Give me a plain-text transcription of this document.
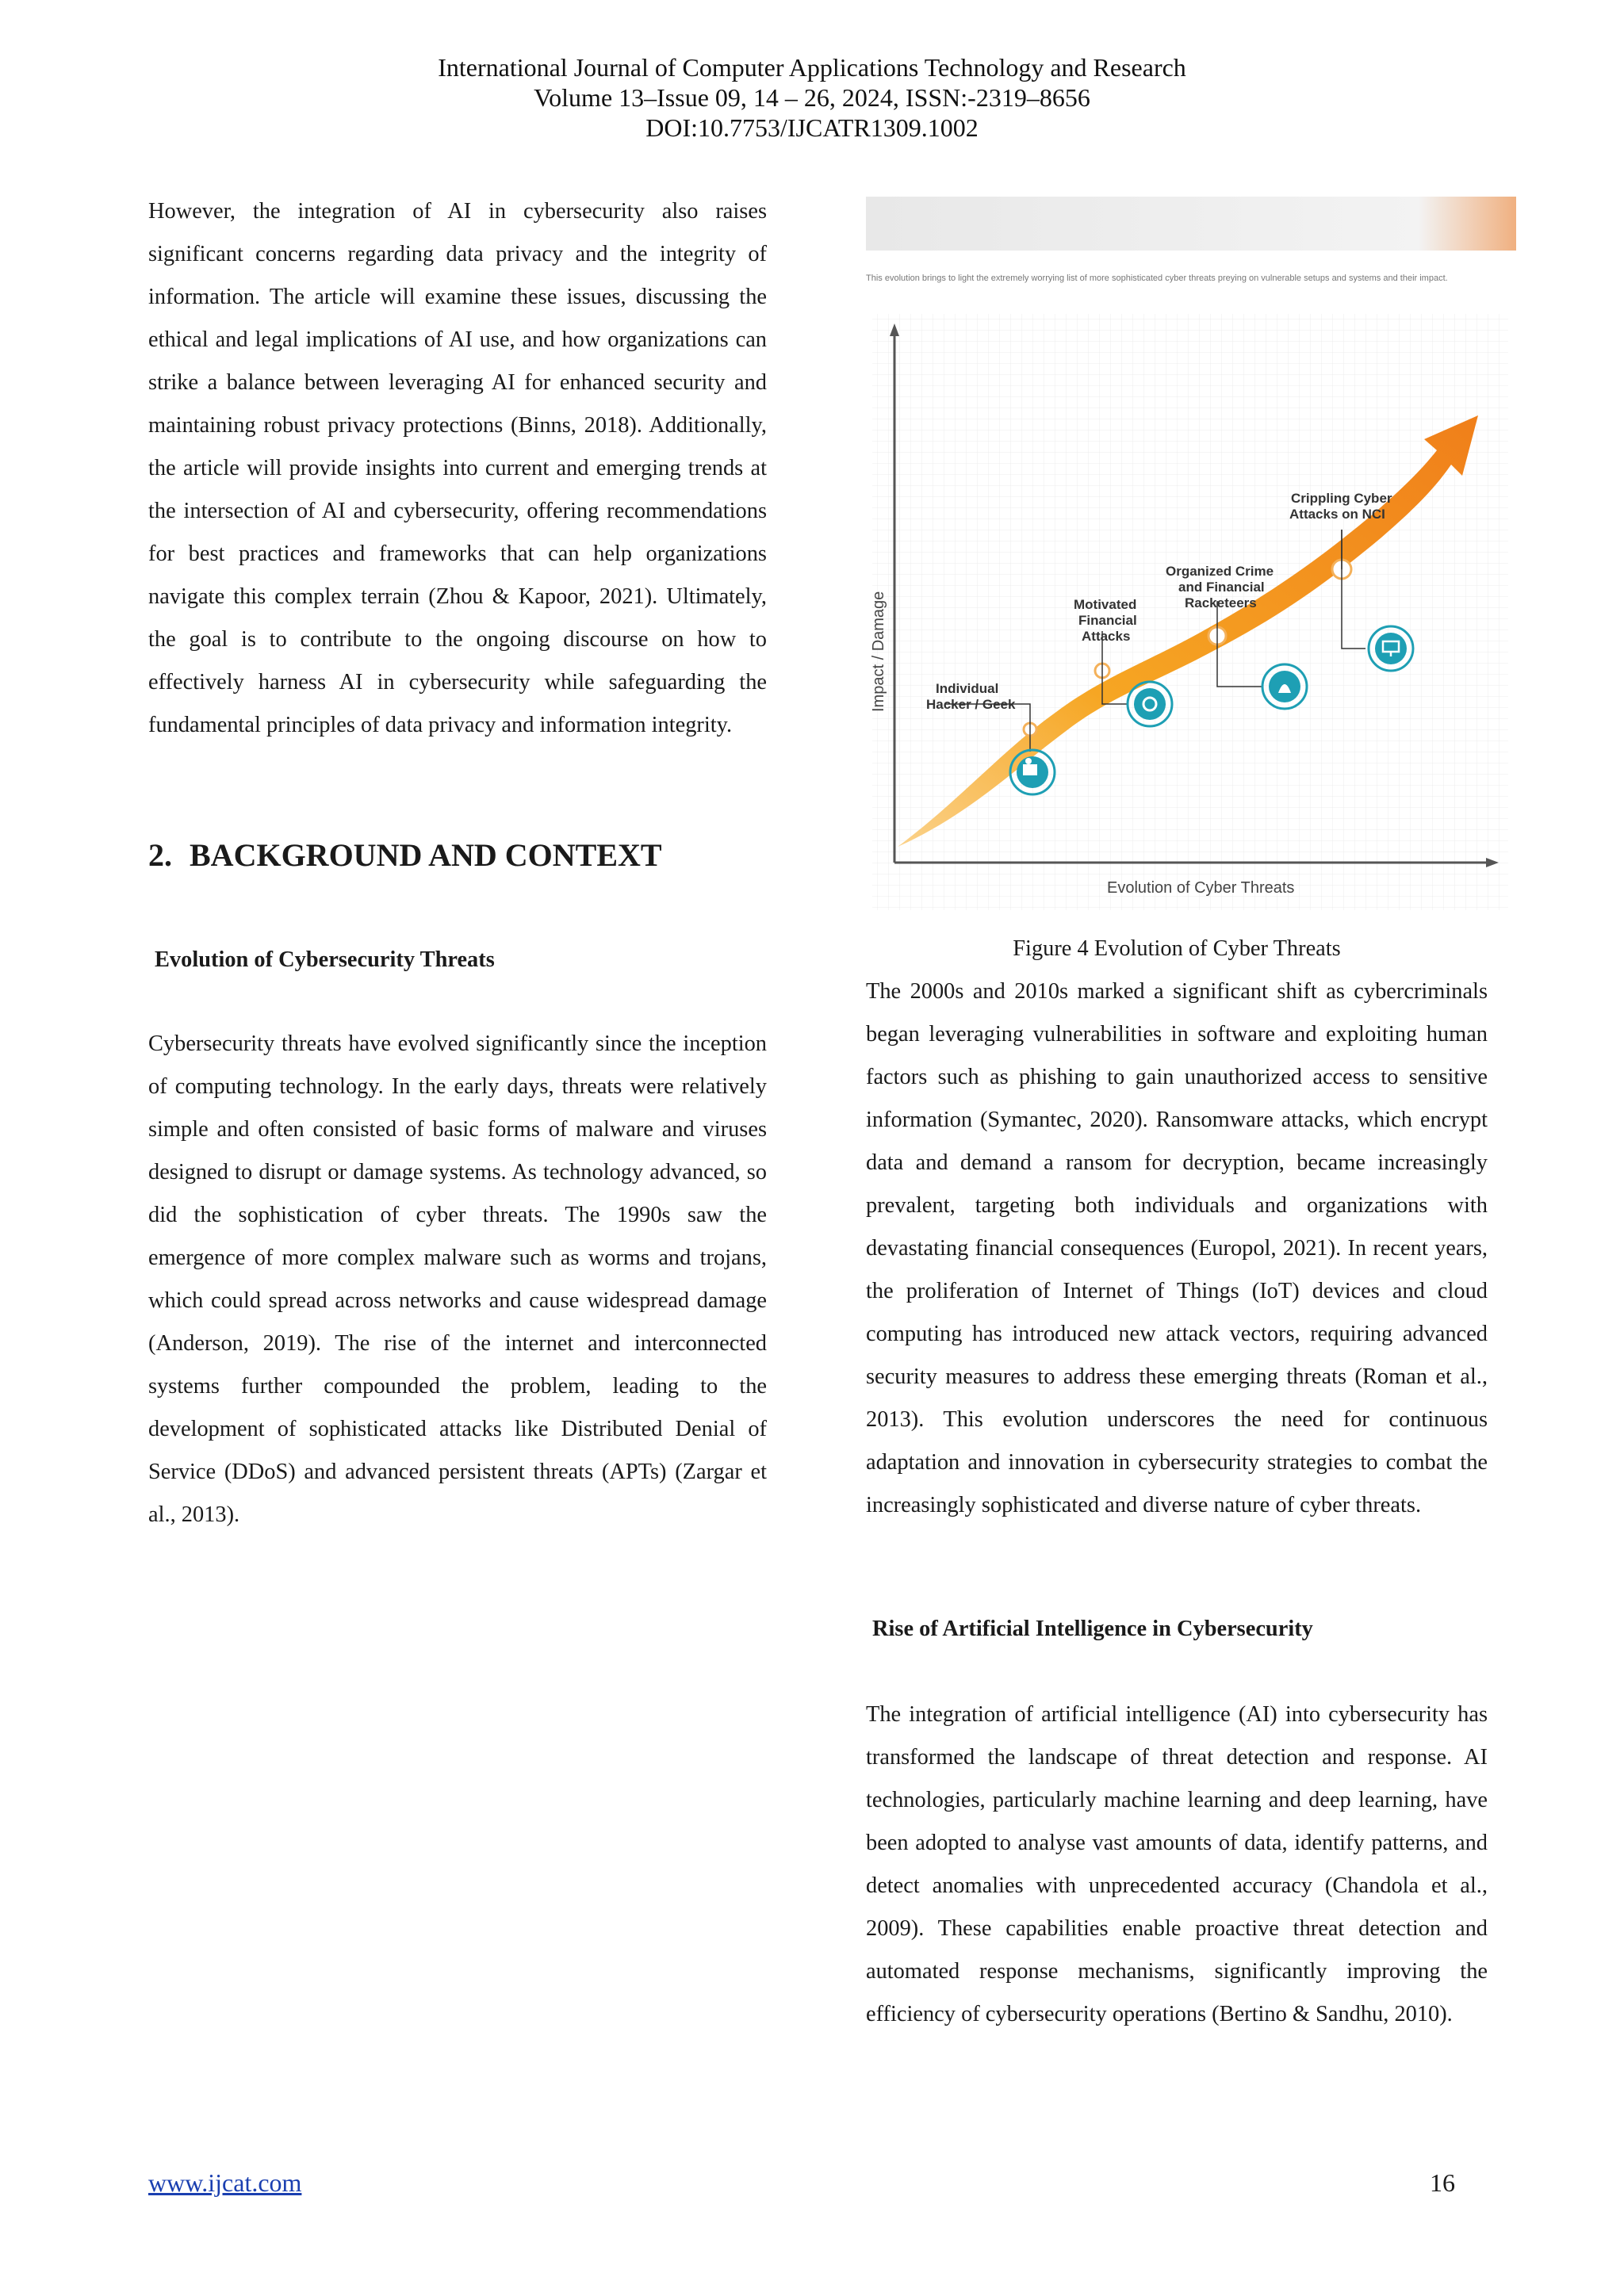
International Journal of Computer Applications Technology and Research
Volume 13–Issue 09, 14 – 26, 2024, ISSN:-2319–8656
DOI:10.7753/IJCATR1309.1002

However, the integration of AI in cybersecurity also raises significant concerns regarding data privacy and the integrity of information. The article will examine these issues, discussing the ethical and legal implications of AI use, and how organizations can strike a balance between leveraging AI for enhanced security and maintaining robust privacy protections (Binns, 2018). Additionally, the article will provide insights into current and emerging trends at the intersection of AI and cybersecurity, offering recommendations for best practices and frameworks that can help organizations navigate this complex terrain (Zhou & Kapoor, 2021). Ultimately, the goal is to contribute to the ongoing discourse on how to effectively harness AI in cybersecurity while safeguarding the fundamental principles of data privacy and information integrity.

2. BACKGROUND AND CONTEXT

Evolution of Cybersecurity Threats

Cybersecurity threats have evolved significantly since the inception of computing technology. In the early days, threats were relatively simple and often consisted of basic forms of malware and viruses designed to disrupt or damage systems. As technology advanced, so did the sophistication of cyber threats. The 1990s saw the emergence of more complex malware such as worms and trojans, which could spread across networks and cause widespread damage (Anderson, 2019). The rise of the internet and interconnected systems further compounded the problem, leading to the development of sophisticated attacks like Distributed Denial of Service (DDoS) and advanced persistent threats (APTs) (Zargar et al., 2013).

This evolution brings to light the extremely worrying list of more sophisticated cyber threats preying on vulnerable setups and systems and their impact.
Impact / Damage
Evolution of Cyber Threats
Individual
Hacker / Geek
Motivated
Financial
Attacks
Organized Crime
and Financial
Racketeers
Crippling Cyber
Attacks on NCI
Figure 4 Evolution of Cyber Threats

The 2000s and 2010s marked a significant shift as cybercriminals began leveraging vulnerabilities in software and exploiting human factors such as phishing to gain unauthorized access to sensitive information (Symantec, 2020). Ransomware attacks, which encrypt data and demand a ransom for decryption, became increasingly prevalent, targeting both individuals and organizations with devastating financial consequences (Europol, 2021). In recent years, the proliferation of Internet of Things (IoT) devices and cloud computing has introduced new attack vectors, requiring advanced security measures to address these emerging threats (Roman et al., 2013). This evolution underscores the need for continuous adaptation and innovation in cybersecurity strategies to combat the increasingly sophisticated and diverse nature of cyber threats.

Rise of Artificial Intelligence in Cybersecurity

The integration of artificial intelligence (AI) into cybersecurity has transformed the landscape of threat detection and response. AI technologies, particularly machine learning and deep learning, have been adopted to analyse vast amounts of data, identify patterns, and detect anomalies with unprecedented accuracy (Chandola et al., 2009). These capabilities enable proactive threat detection and automated response mechanisms, significantly improving the efficiency of cybersecurity operations (Bertino & Sandhu, 2010).

www.ijcat.com	16
